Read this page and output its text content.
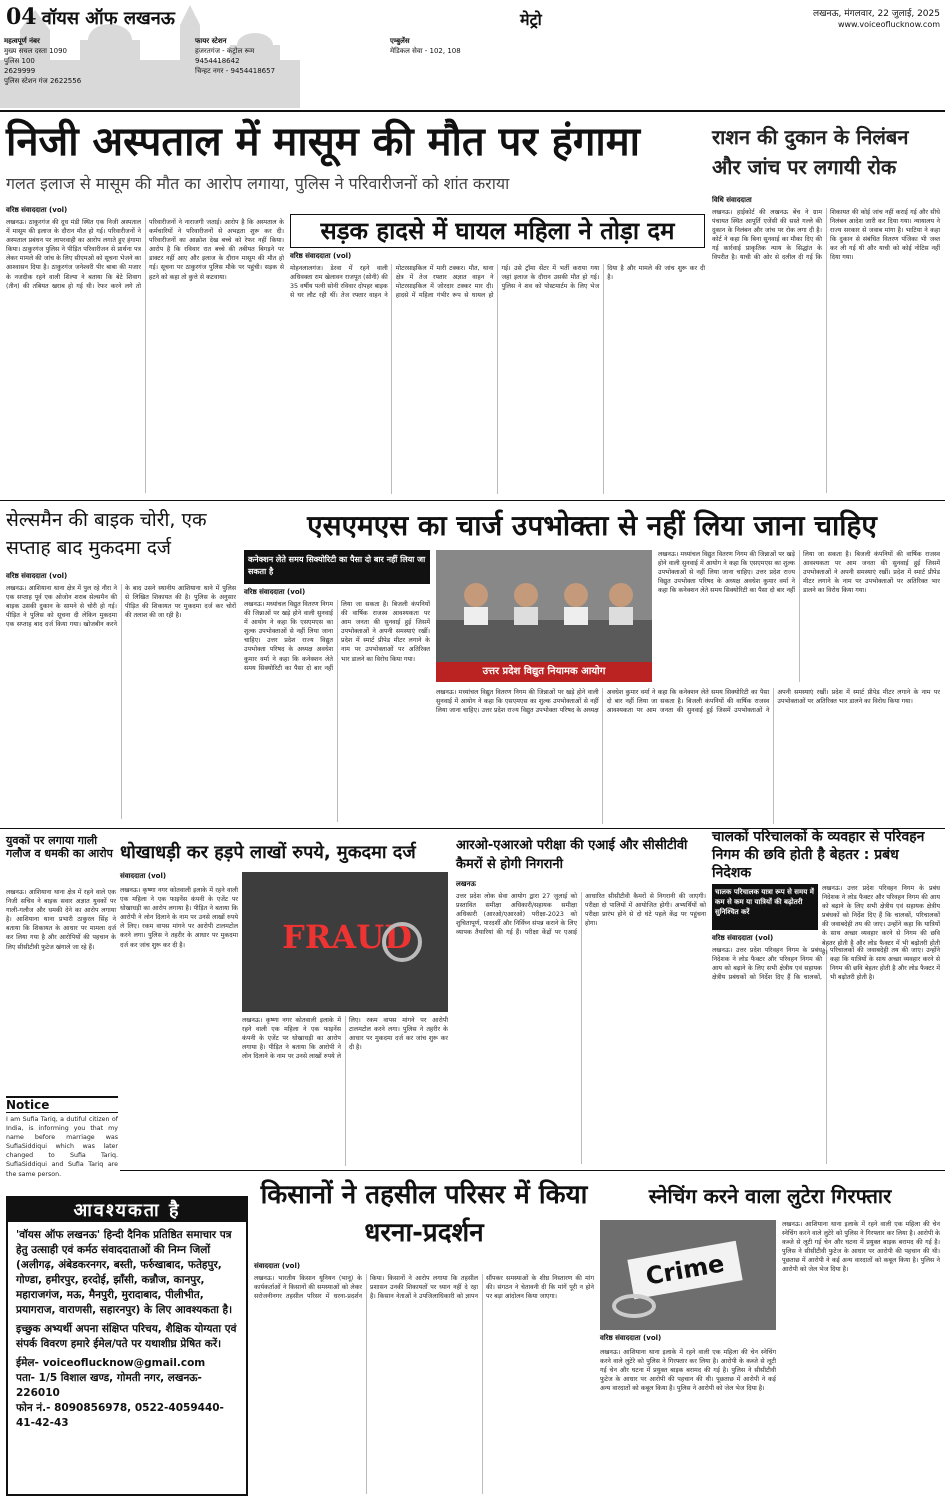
04 वॉयस ऑफ लखनऊ	मेट्रो	लखनऊ, मंगलवार, 22 जुलाई, 2025
www.voiceoflucknow.com
महत्वपूर्ण नंबर
मुख्य सचल दस्ता 1090
पुलिस 100
2629999
पुलिस स्टेशन गंज 2622556
फायर स्टेशन
हजरतगंज - कंट्रोल रूम
9454418642
चिन्हट नगर - 9454418657
एम्बुलेंस
मेडिकल सेवा - 102, 108
निजी अस्पताल में मासूम की मौत पर हंगामा
गलत इलाज से मासूम की मौत का आरोप लगाया, पुलिस ने परिवारीजनों को शांत कराया
राशन की दुकान के निलंबन और जांच पर लगायी रोक
वरिष्ठ संवाददाता (vol)
लखनऊ। ठाकुरगंज की दूध मंडी स्थित एक निजी अस्पताल में मासूम की इलाज के दौरान मौत हो गई। परिवारीजनों ने अस्पताल प्रबंधन पर लापरवाही का आरोप लगाते हुए हंगामा किया। ठाकुरगंज पुलिस ने पीड़ित परिवारीजन से प्रार्थना पत्र लेकर मामले की जांच के लिए सीएमओ को सूचना भेजने का आश्वासन दिया है। ठाकुरगंज जनेश्वरी पीर बाबा की मजार के नजदीक रहने वाली शिल्पा ने बताया कि बेटे शिवाग (तीन) की तबियत खराब हो गई थी। रेफर करने लगे तो परिवारीजनों ने नाराजगी जताई। आरोप है कि अस्पताल के कर्मचारियों ने परिवारीजनों से अभद्रता शुरू कर दी। परिवारीजनों का आक्रोश देख बच्चे को रेफर नहीं किया। आरोप है कि रविवार रात बच्चे की तबीयत बिगड़ने पर डाक्टर नहीं आए और इलाज के दौरान मासूम की मौत हो गई। सूचना पर ठाकुरगंज पुलिस मौके पर पहुंची। सड़क से हटने को कहा तो कुत्ते से कटवाया।
सड़क हादसे में घायल महिला ने तोड़ा दम
वरिष्ठ संवाददाता (vol)
मोहनलालगंज। डेरवा में रहने वाली अधिवक्ता राम खेलावन राजपूत (सोनी) की 35 वर्षीय पत्नी सोनी रविवार दोपहर बाइक से घर लौट रही थीं। तेज रफ्तार वाहन ने मोटरसाइकिल में मारी टक्कर। मौत, थाना क्षेत्र में तेज रफ्तार अज्ञात वाहन ने मोटरसाइकिल में जोरदार टक्कर मार दी। हादसे में महिला गंभीर रूप से घायल हो गई। उसे ट्रॉमा सेंटर में भर्ती कराया गया जहां इलाज के दौरान उसकी मौत हो गई। पुलिस ने शव को पोस्टमार्टम के लिए भेज दिया है और मामले की जांच शुरू कर दी है।
विधि संवाददाता
लखनऊ। हाईकोर्ट की लखनऊ बेंच ने ग्राम पंचायत स्थित आपूर्ति एजेंसी की सस्ते गल्ले की दुकान के निलंबन और जांच पर रोक लगा दी है। कोर्ट ने कहा कि बिना सुनवाई का मौका दिए की गई कार्रवाई प्राकृतिक न्याय के सिद्धांत के विपरीत है। याची की ओर से दलील दी गई कि शिकायत की कोई जांच नहीं कराई गई और सीधे निलंबन आदेश जारी कर दिया गया। न्यायालय ने राज्य सरकार से जवाब मांगा है। भाटिया ने कहा कि दुकान से संबंधित वितरण पंजिका भी जब्त कर ली गई थी और याची को कोई नोटिस नहीं दिया गया।
सेल्समैन की बाइक चोरी, एक सप्ताह बाद मुकदमा दर्ज
वरिष्ठ संवाददाता (vol)
लखनऊ। आशियाना थाना क्षेत्र में पुल रहे नौरा ने एक सप्ताह पूर्व एक ओजोन शराब सेल्समैन की बाइक उसकी दुकान के सामने से चोरी हो गई। पीड़ित ने पुलिस को सूचना दी लेकिन मुकदमा एक सप्ताह बाद दर्ज किया गया। खोजबीन करने के बाद उसने स्थानीय आशियाना थाने में पुलिस से लिखित शिकायत की है। पुलिस के अनुसार पीड़ित की शिकायत पर मुकदमा दर्ज कर चोरों की तलाश की जा रही है।
एसएमएस का चार्ज उपभोक्ता से नहीं लिया जाना चाहिए
कनेक्शन लेते समय सिक्योरिटी का पैसा दो बार नहीं लिया जा सकता है
उत्तर प्रदेश विद्युत नियामक आयोग
वरिष्ठ संवाददाता (vol)
लखनऊ। मध्यांचल विद्युत वितरण निगम की जिन्नाओं पर खड़े होने वाली सुनवाई में आयोग ने कहा कि एसएमएस का शुल्क उपभोक्ताओं से नहीं लिया जाना चाहिए। उत्तर प्रदेश राज्य विद्युत उपभोक्ता परिषद के अध्यक्ष अवधेश कुमार वर्मा ने कहा कि कनेक्शन लेते समय सिक्योरिटी का पैसा दो बार नहीं लिया जा सकता है। बिजली कंपनियों की वार्षिक राजस्व आवश्यकता पर आम जनता की सुनवाई हुई जिसमें उपभोक्ताओं ने अपनी समस्याएं रखीं। प्रदेश में स्मार्ट प्रीपेड मीटर लगाने के नाम पर उपभोक्ताओं पर अतिरिक्त भार डालने का विरोध किया गया।
लखनऊ। मध्यांचल विद्युत वितरण निगम की जिन्नाओं पर खड़े होने वाली सुनवाई में आयोग ने कहा कि एसएमएस का शुल्क उपभोक्ताओं से नहीं लिया जाना चाहिए। उत्तर प्रदेश राज्य विद्युत उपभोक्ता परिषद के अध्यक्ष अवधेश कुमार वर्मा ने कहा कि कनेक्शन लेते समय सिक्योरिटी का पैसा दो बार नहीं लिया जा सकता है। बिजली कंपनियों की वार्षिक राजस्व आवश्यकता पर आम जनता की सुनवाई हुई जिसमें उपभोक्ताओं ने अपनी समस्याएं रखीं। प्रदेश में स्मार्ट प्रीपेड मीटर लगाने के नाम पर उपभोक्ताओं पर अतिरिक्त भार डालने का विरोध किया गया।
लखनऊ। मध्यांचल विद्युत वितरण निगम की जिन्नाओं पर खड़े होने वाली सुनवाई में आयोग ने कहा कि एसएमएस का शुल्क उपभोक्ताओं से नहीं लिया जाना चाहिए। उत्तर प्रदेश राज्य विद्युत उपभोक्ता परिषद के अध्यक्ष अवधेश कुमार वर्मा ने कहा कि कनेक्शन लेते समय सिक्योरिटी का पैसा दो बार नहीं लिया जा सकता है। बिजली कंपनियों की वार्षिक राजस्व आवश्यकता पर आम जनता की सुनवाई हुई जिसमें उपभोक्ताओं ने अपनी समस्याएं रखीं। प्रदेश में स्मार्ट प्रीपेड मीटर लगाने के नाम पर उपभोक्ताओं पर अतिरिक्त भार डालने का विरोध किया गया।
युवकों पर लगाया गाली गलौज व धमकी का आरोप
लखनऊ। आशियाना थाना क्षेत्र में रहने वाले एक निजी सचिव ने बाइक सवार अज्ञात युवकों पर गाली-गलौज और धमकी देने का आरोप लगाया है। आशियाना थाना प्रभारी ठाकुरल सिंह ने बताया कि शिकायत के आधार पर मामला दर्ज कर लिया गया है और आरोपियों की पहचान के लिए सीसीटीवी फुटेज खंगाले जा रहे हैं।
Notice
I am Sufia Tariq, a dutiful citizen of India, is informing you that my name before marriage was SufiaSiddiqui which was later changed to Sufia Tariq. SufiaSiddiqui and Sufia Tariq are the same person.
धोखाधड़ी कर हड़पे लाखों रुपये, मुकदमा दर्ज
संवाददाता (vol)
FRAUD
लखनऊ। कृष्णा नगर कोतवाली इलाके में रहने वाली एक महिला ने एक फाइनेंस कंपनी के एजेंट पर धोखाधड़ी का आरोप लगाया है। पीड़ित ने बताया कि आरोपी ने लोन दिलाने के नाम पर उनसे लाखों रुपये ले लिए। रकम वापस मांगने पर आरोपी टालमटोल करने लगा। पुलिस ने तहरीर के आधार पर मुकदमा दर्ज कर जांच शुरू कर दी है।
लखनऊ। कृष्णा नगर कोतवाली इलाके में रहने वाली एक महिला ने एक फाइनेंस कंपनी के एजेंट पर धोखाधड़ी का आरोप लगाया है। पीड़ित ने बताया कि आरोपी ने लोन दिलाने के नाम पर उनसे लाखों रुपये ले लिए। रकम वापस मांगने पर आरोपी टालमटोल करने लगा। पुलिस ने तहरीर के आधार पर मुकदमा दर्ज कर जांच शुरू कर दी है।
आरओ-एआरओ परीक्षा की एआई और सीसीटीवी कैमरों से होगी निगरानी
लखनऊ
उत्तर प्रदेश लोक सेवा आयोग द्वारा 27 जुलाई को प्रस्तावित समीक्षा अधिकारी/सहायक समीक्षा अधिकारी (आरओ/एआरओ) परीक्षा-2023 को शुचितापूर्ण, पारदर्शी और निर्विघ्न संपन्न कराने के लिए व्यापक तैयारियां की गई हैं। परीक्षा केंद्रों पर एआई आधारित सीसीटीवी कैमरों से निगरानी की जाएगी। परीक्षा दो पालियों में आयोजित होगी। अभ्यर्थियों को परीक्षा प्रारंभ होने से दो घंटे पहले केंद्र पर पहुंचना होगा।
चालकों परिचालकों के व्यवहार से परिवहन निगम की छवि होती है बेहतर : प्रबंध निदेशक
चालक परिचालक यात्रा रूप से समय में कम से कम या यात्रियों की बढ़ोतरी सुनिश्चित करें
वरिष्ठ संवाददाता (vol)
लखनऊ। उत्तर प्रदेश परिवहन निगम के प्रबंध निदेशक ने लोड फैक्टर और परिवहन निगम की आय को बढ़ाने के लिए सभी क्षेत्रीय एवं सहायक क्षेत्रीय प्रबंधकों को निर्देश दिए हैं कि चालकों, परिचालकों की जवाबदेही तय की जाए। उन्होंने कहा कि यात्रियों के साथ अच्छा व्यवहार करने से निगम की छवि बेहतर होती है और लोड फैक्टर में भी बढ़ोतरी होती है।
लखनऊ। उत्तर प्रदेश परिवहन निगम के प्रबंध निदेशक ने लोड फैक्टर और परिवहन निगम की आय को बढ़ाने के लिए सभी क्षेत्रीय एवं सहायक क्षेत्रीय प्रबंधकों को निर्देश दिए हैं कि चालकों, परिचालकों की जवाबदेही तय की जाए। उन्होंने कहा कि यात्रियों के साथ अच्छा व्यवहार करने से निगम की छवि बेहतर होती है और लोड फैक्टर में भी बढ़ोतरी होती है।
आवश्यकता है
'वॉयस ऑफ लखनऊ' हिन्दी दैनिक प्रतिष्ठित समाचार पत्र हेतु उत्साही एवं कर्मठ संवाददाताओं की निम्न जिलों (अलीगढ़, अंबेडकरनगर, बस्ती, फर्रुखाबाद, फतेहपुर, गोण्डा, हमीरपुर, हरदोई, झाँसी, कन्नौज, कानपुर, महाराजगंज, मऊ, मैनपुरी, मुरादाबाद, पीलीभीत, प्रयागराज, वाराणसी, सहारनपुर) के लिए आवश्यकता है।
इच्छुक अभ्यर्थी अपना संक्षिप्त परिचय, शैक्षिक योग्यता एवं संपर्क विवरण हमारे ईमेल/पते पर यथाशीघ्र प्रेषित करें।
ईमेल- voiceoflucknow@gmail.com
पता- 1/5 विशाल खण्ड, गोमती नगर, लखनऊ- 226010
फोन नं.- 8090856978, 0522-4059440-41-42-43
किसानों ने तहसील परिसर में किया धरना-प्रदर्शन
संवाददाता (vol)
लखनऊ। भारतीय किसान यूनियन (भानू) के कार्यकर्ताओं ने किसानों की समस्याओं को लेकर सरोजनीनगर तहसील परिसर में धरना-प्रदर्शन किया। किसानों ने आरोप लगाया कि तहसील प्रशासन उनकी शिकायतों पर ध्यान नहीं दे रहा है। किसान नेताओं ने उपजिलाधिकारी को ज्ञापन सौंपकर समस्याओं के शीघ्र निस्तारण की मांग की। संगठन ने चेतावनी दी कि मांगें पूरी न होने पर बड़ा आंदोलन किया जाएगा।
स्नेचिंग करने वाला लुटेरा गिरफ्तार
Crime
वरिष्ठ संवाददाता (vol)
लखनऊ। आशियाना थाना इलाके में रहने वाली एक महिला की चेन स्नेचिंग करने वाले लुटेरे को पुलिस ने गिरफ्तार कर लिया है। आरोपी के कब्जे से लूटी गई चेन और घटना में प्रयुक्त बाइक बरामद की गई है। पुलिस ने सीसीटीवी फुटेज के आधार पर आरोपी की पहचान की थी। पूछताछ में आरोपी ने कई अन्य वारदातों को कबूल किया है। पुलिस ने आरोपी को जेल भेज दिया है।
लखनऊ। आशियाना थाना इलाके में रहने वाली एक महिला की चेन स्नेचिंग करने वाले लुटेरे को पुलिस ने गिरफ्तार कर लिया है। आरोपी के कब्जे से लूटी गई चेन और घटना में प्रयुक्त बाइक बरामद की गई है। पुलिस ने सीसीटीवी फुटेज के आधार पर आरोपी की पहचान की थी। पूछताछ में आरोपी ने कई अन्य वारदातों को कबूल किया है। पुलिस ने आरोपी को जेल भेज दिया है।
